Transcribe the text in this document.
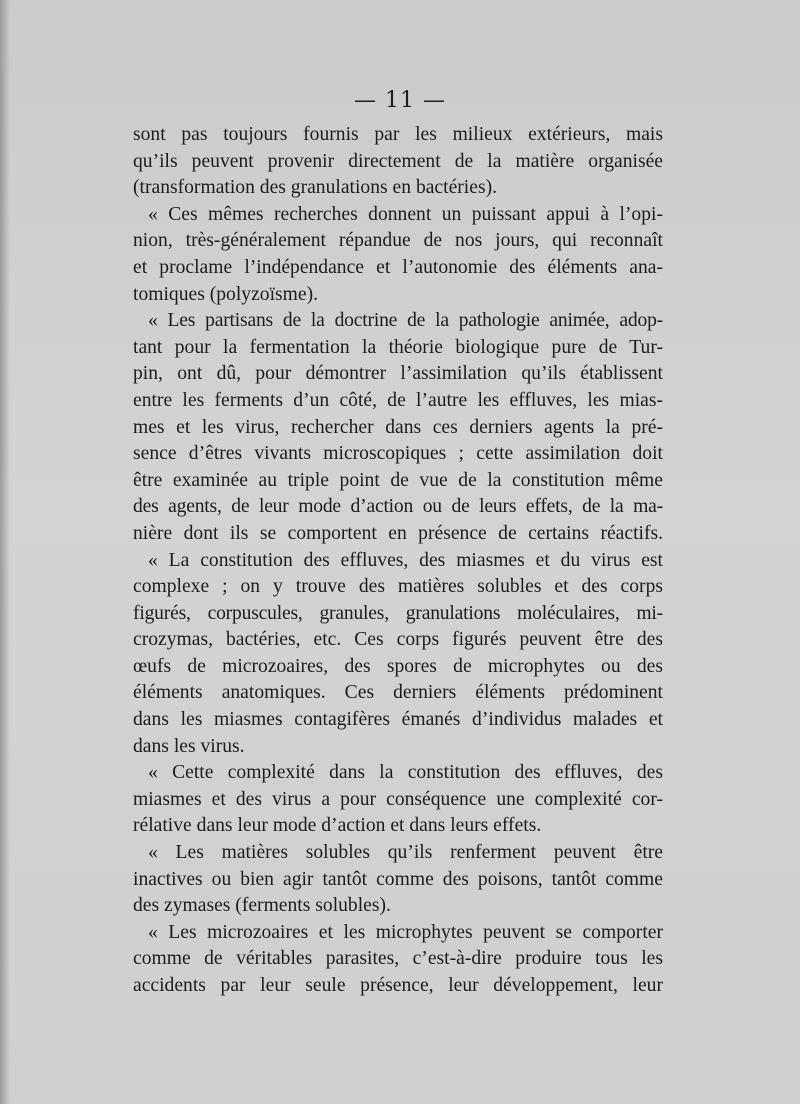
— 11 —
sont pas toujours fournis par les milieux extérieurs, mais
qu’ils peuvent provenir directement de la matière organisée
(transformation des granulations en bactéries).
« Ces mêmes recherches donnent un puissant appui à l’opi-
nion, très-généralement répandue de nos jours, qui reconnaît
et proclame l’indépendance et l’autonomie des éléments ana-
tomiques (polyzoïsme).
« Les partisans de la doctrine de la pathologie animée, adop-
tant pour la fermentation la théorie biologique pure de Tur-
pin, ont dû, pour démontrer l’assimilation qu’ils établissent
entre les ferments d’un côté, de l’autre les effluves, les mias-
mes et les virus, rechercher dans ces derniers agents la pré-
sence d’êtres vivants microscopiques ; cette assimilation doit
être examinée au triple point de vue de la constitution même
des agents, de leur mode d’action ou de leurs effets, de la ma-
nière dont ils se comportent en présence de certains réactifs.
« La constitution des effluves, des miasmes et du virus est
complexe ; on y trouve des matières solubles et des corps
figurés, corpuscules, granules, granulations moléculaires, mi-
crozymas, bactéries, etc. Ces corps figurés peuvent être des
œufs de microzoaires, des spores de microphytes ou des
éléments anatomiques. Ces derniers éléments prédominent
dans les miasmes contagifères émanés d’individus malades et
dans les virus.
« Cette complexité dans la constitution des effluves, des
miasmes et des virus a pour conséquence une complexité cor-
rélative dans leur mode d’action et dans leurs effets.
« Les matières solubles qu’ils renferment peuvent être
inactives ou bien agir tantôt comme des poisons, tantôt comme
des zymases (ferments solubles).
« Les microzoaires et les microphytes peuvent se comporter
comme de véritables parasites, c’est-à-dire produire tous les
accidents par leur seule présence, leur développement, leur
